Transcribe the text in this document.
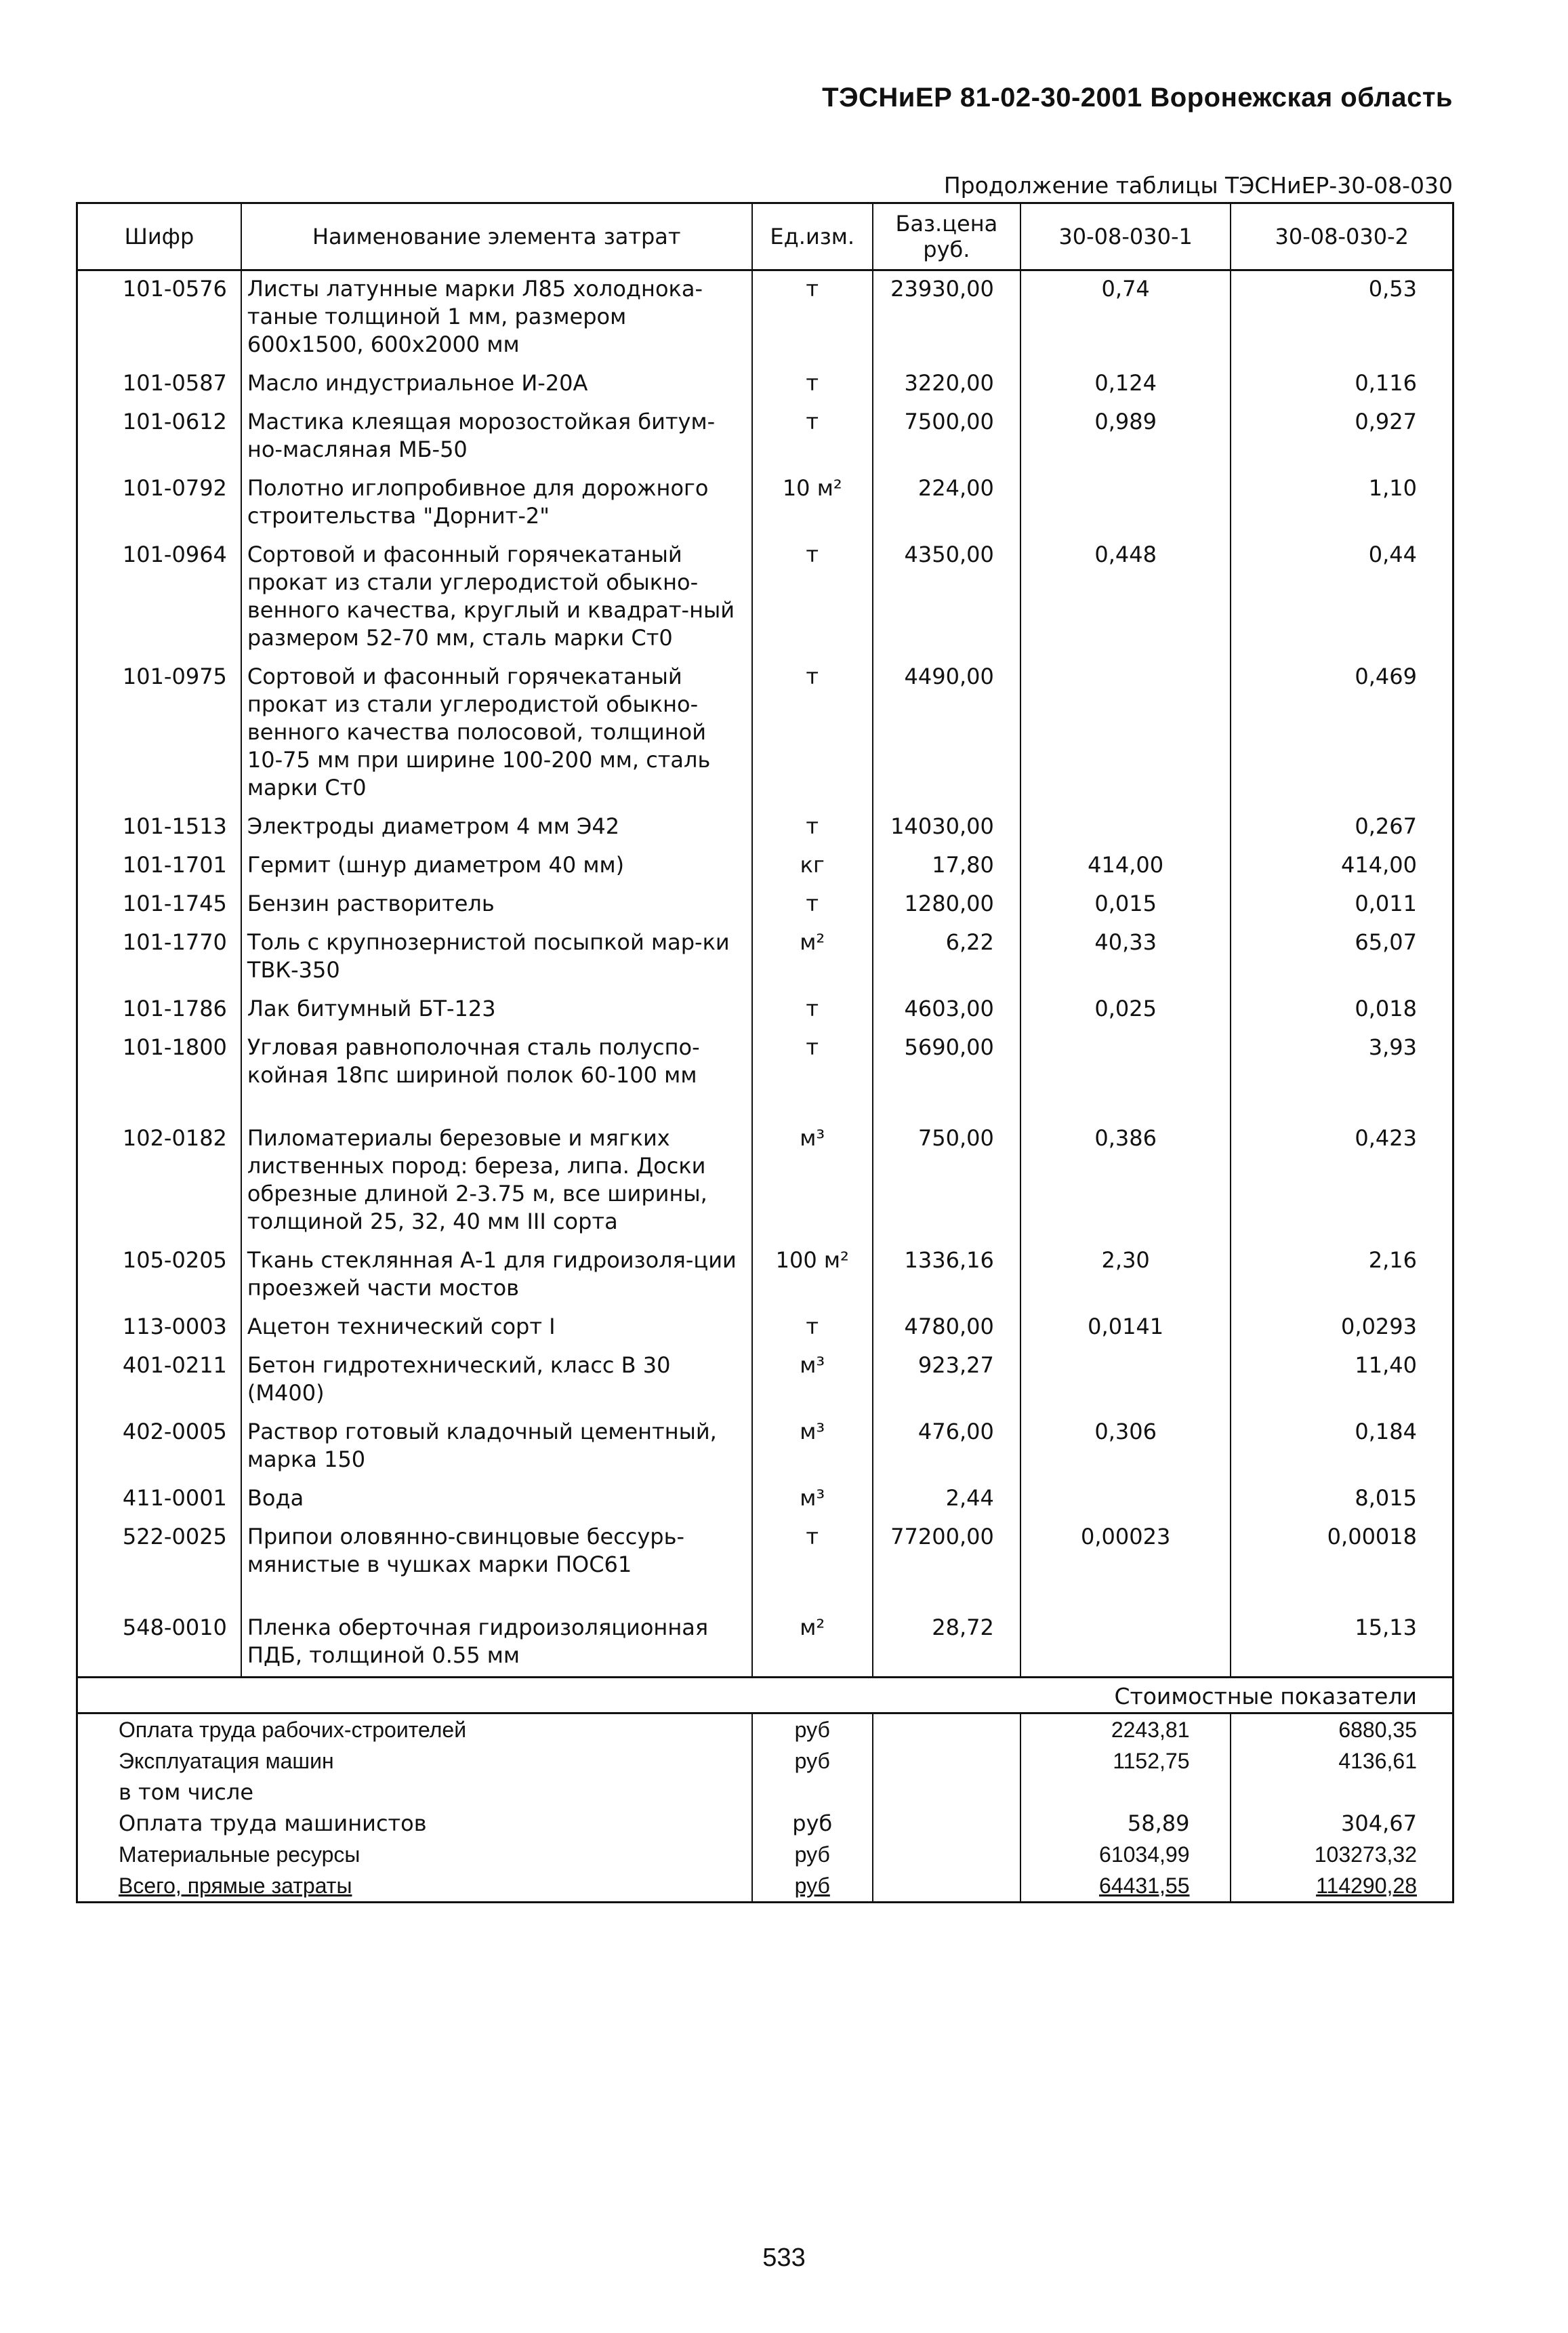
ТЭСНиЕР 81-02-30-2001 Воронежская область
Продолжение таблицы ТЭСНиЕР-30-08-030
Шифр	Наименование элемента затрат	Ед.изм.	Баз.цена руб.	30-08-030-1	30-08-030-2
101-0576	Листы латунные марки Л85 холоднока-таные толщиной 1 мм, размером 600x1500, 600x2000 мм	т	23930,00	0,74	0,53
101-0587	Масло индустриальное И-20А	т	3220,00	0,124	0,116
101-0612	Мастика клеящая морозостойкая битум-но-масляная МБ-50	т	7500,00	0,989	0,927
101-0792	Полотно иглопробивное для дорожного строительства "Дорнит-2"	10 м²	224,00		1,10
101-0964	Сортовой и фасонный горячекатаный прокат из стали углеродистой обыкно-венного качества, круглый и квадрат-ный размером 52-70 мм, сталь марки Ст0	т	4350,00	0,448	0,44
101-0975	Сортовой и фасонный горячекатаный прокат из стали углеродистой обыкно-венного качества полосовой, толщиной 10-75 мм при ширине 100-200 мм, сталь марки Ст0	т	4490,00		0,469
101-1513	Электроды диаметром 4 мм Э42	т	14030,00		0,267
101-1701	Гермит (шнур диаметром 40 мм)	кг	17,80	414,00	414,00
101-1745	Бензин растворитель	т	1280,00	0,015	0,011
101-1770	Толь с крупнозернистой посыпкой мар-ки ТВК-350	м²	6,22	40,33	65,07
101-1786	Лак битумный БТ-123	т	4603,00	0,025	0,018
101-1800	Угловая равнополочная сталь полуспо-койная 18пс шириной полок 60-100 мм	т	5690,00		3,93
102-0182	Пиломатериалы березовые и мягких лиственных пород: береза, липа. Доски обрезные длиной 2-3.75 м, все ширины, толщиной 25, 32, 40 мм III сорта	м³	750,00	0,386	0,423
105-0205	Ткань стеклянная А-1 для гидроизоля-ции проезжей части мостов	100 м²	1336,16	2,30	2,16
113-0003	Ацетон технический сорт I	т	4780,00	0,0141	0,0293
401-0211	Бетон гидротехнический, класс В 30 (М400)	м³	923,27		11,40
402-0005	Раствор готовый кладочный цементный, марка 150	м³	476,00	0,306	0,184
411-0001	Вода	м³	2,44		8,015
522-0025	Припои оловянно-свинцовые бессурь-мянистые в чушках марки ПОС61	т	77200,00	0,00023	0,00018
548-0010	Пленка оберточная гидроизоляционная ПДБ, толщиной 0.55 мм	м²	28,72		15,13
Стоимостные показатели					
Оплата труда рабочих-строителей		руб		2243,81	6880,35
Эксплуатация машин		руб		1152,75	4136,61
в том числе					
Оплата труда машинистов		руб		58,89	304,67
Материальные ресурсы		руб		61034,99	103273,32
Всего, прямые затраты		руб		64431,55	114290,28
533
